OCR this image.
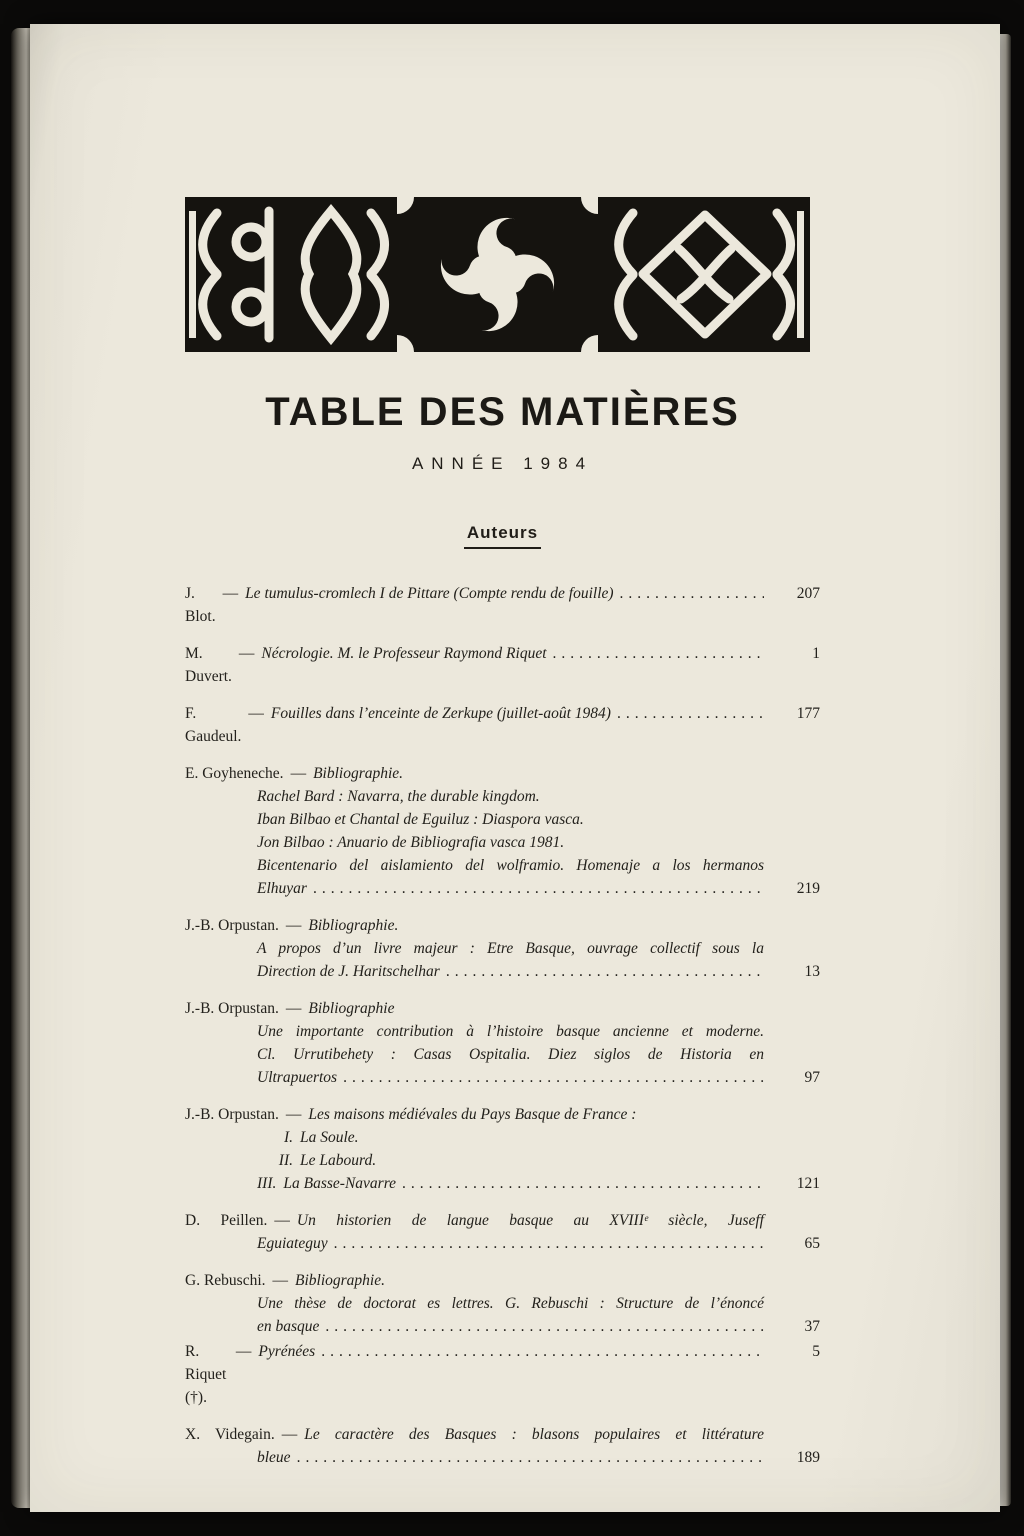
TABLE DES MATIÈRES
ANNÉE 1984
Auteurs
J. Blot.
— Le tumulus-cromlech I de Pittare (Compte rendu de fouille) .....	207
M. Duvert.
— Nécrologie. M. le Professeur Raymond Riquet .....	1
F. Gaudeul.
— Fouilles dans l’enceinte de Zerkupe (juillet-août 1984) .....	177
E. Goyheneche. — Bibliographie.
Rachel Bard : Navarra, the durable kingdom.
Iban Bilbao et Chantal de Eguiluz : Diaspora vasca.
Jon Bilbao : Anuario de Bibliografia vasca 1981.
Bicentenario del aislamiento del wolframio. Homenaje a los hermanos
Elhuyar .....	219
J.-B. Orpustan. — Bibliographie.
A propos d’un livre majeur : Etre Basque, ouvrage collectif sous la
Direction de J. Haritschelhar .....	13
J.-B. Orpustan. — Bibliographie
Une importante contribution à l’histoire basque ancienne et moderne.
Cl. Urrutibehety : Casas Ospitalia. Diez siglos de Historia en
Ultrapuertos .....	97
J.-B. Orpustan. — Les maisons médiévales du Pays Basque de France :
I. La Soule.
II. Le Labourd.
III. La Basse-Navarre .....	121
D. Peillen. — Un historien de langue basque au XVIIIᵉ siècle, Juseff
Eguiateguy .....	65
G. Rebuschi. — Bibliographie.
Une thèse de doctorat es lettres. G. Rebuschi : Structure de l’énoncé
en basque .....	37
R. Riquet (†).
— Pyrénées .....	5
X. Videgain. — Le caractère des Basques : blasons populaires et littérature
bleue .....	189
